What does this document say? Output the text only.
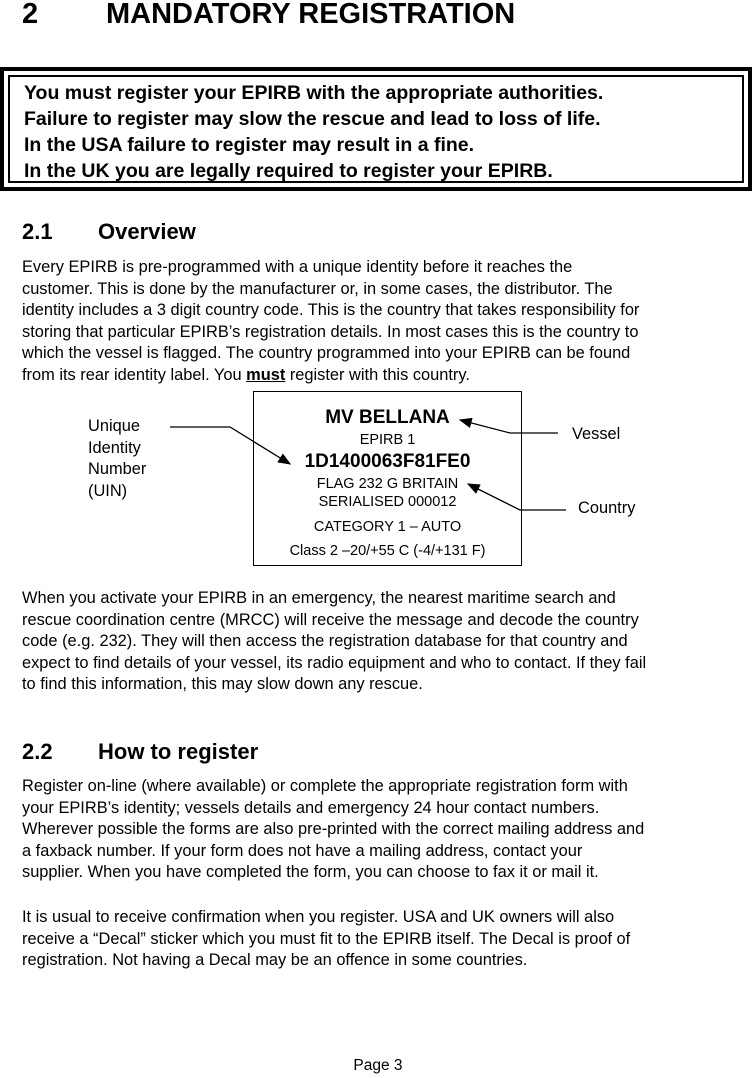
2 MANDATORY REGISTRATION
You must register your EPIRB with the appropriate authorities.
Failure to register may slow the rescue and lead to loss of life.
In the USA failure to register may result in a fine.
In the UK you are legally required to register your EPIRB.
2.1 Overview
Every EPIRB is pre-programmed with a unique identity before it reaches the
customer. This is done by the manufacturer or, in some cases, the distributor. The
identity includes a 3 digit country code. This is the country that takes responsibility for
storing that particular EPIRB’s registration details. In most cases this is the country to
which the vessel is flagged. The country programmed into your EPIRB can be found
from its rear identity label. You must register with this country.
MV BELLANA
EPIRB 1
1D1400063F81FE0
FLAG 232 G BRITAIN
SERIALISED 000012
CATEGORY 1 – AUTO
Class 2 –20/+55 C (-4/+131 F)
Unique
Identity
Number
(UIN)
Vessel
Country
When you activate your EPIRB in an emergency, the nearest maritime search and
rescue coordination centre (MRCC) will receive the message and decode the country
code (e.g. 232). They will then access the registration database for that country and
expect to find details of your vessel, its radio equipment and who to contact. If they fail
to find this information, this may slow down any rescue.
2.2 How to register
Register on-line (where available) or complete the appropriate registration form with
your EPIRB’s identity; vessels details and emergency 24 hour contact numbers.
Wherever possible the forms are also pre-printed with the correct mailing address and
a faxback number. If your form does not have a mailing address, contact your
supplier. When you have completed the form, you can choose to fax it or mail it.
It is usual to receive confirmation when you register. USA and UK owners will also
receive a “Decal” sticker which you must fit to the EPIRB itself. The Decal is proof of
registration. Not having a Decal may be an offence in some countries.
Page 3
